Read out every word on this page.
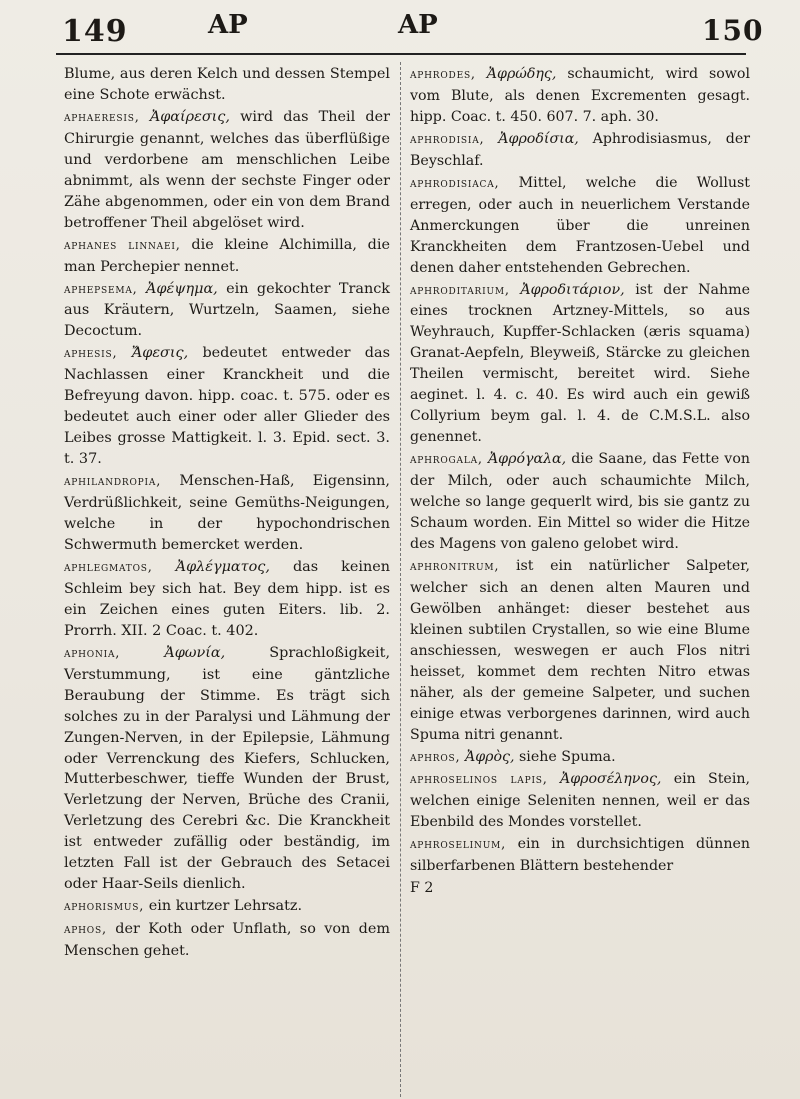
149	AP	AP	150

Blume, aus deren Kelch und dessen Stempel eine Schote erwächst.

aphaeresis, Ἀφαίρεσις, wird das Theil der Chirurgie genannt, welches das überflüßige und verdorbene am menschlichen Leibe abnimmt, als wenn der sechste Finger oder Zähe abgenommen, oder ein von dem Brand betroffener Theil abgelöset wird.

aphanes linnaei, die kleine Alchimilla, die man Perchepier nennet.

aphepsema, Ἀφέψημα, ein gekochter Tranck aus Kräutern, Wurtzeln, Saamen, siehe Decoctum.

aphesis, Ἄφεσις, bedeutet entweder das Nachlassen einer Kranckheit und die Befreyung davon. hipp. coac. t. 575. oder es bedeutet auch einer oder aller Glieder des Leibes grosse Mattigkeit. l. 3. Epid. sect. 3. t. 37.

aphilandropia, Menschen-Haß, Eigensinn, Verdrüßlichkeit, seine Gemüths-Neigungen, welche in der hypochondrischen Schwermuth bemercket werden.

aphlegmatos, Ἀφλέγματος, das keinen Schleim bey sich hat. Bey dem hipp. ist es ein Zeichen eines guten Eiters. lib. 2. Prorrh. XII. 2 Coac. t. 402.

aphonia,	Ἀφωνία,	Sprachloßigkeit, Verstummung, ist eine gäntzliche Beraubung der Stimme. Es trägt sich solches zu in der Paralysi und Lähmung der Zungen-Nerven, in der Epilepsie, Lähmung oder Verrenckung des Kiefers, Schlucken, Mutterbeschwer, tieffe Wunden der Brust, Verletzung der Nerven, Brüche des Cranii, Verletzung des Cerebri &c. Die Kranckheit ist entweder zufällig oder beständig, im letzten Fall ist der Gebrauch des Setacei oder Haar-Seils dienlich.

aphorismus, ein kurtzer Lehrsatz.

aphos, der Koth oder Unflath, so von dem Menschen gehet.

aphrodes, Ἀφρώδης, schaumicht, wird sowol vom Blute, als denen Excrementen gesagt. hipp. Coac. t. 450. 607. 7. aph. 30.

aphrodisia, Ἀφροδίσια, Aphrodisiasmus, der Beyschlaf.

aphrodisiaca, Mittel, welche die Wollust erregen, oder auch in neuerlichem Verstande Anmerckungen über die unreinen Kranckheiten dem Frantzosen-Uebel und denen daher entstehenden Gebrechen.

aphroditarium, Ἀφροδιτάριον, ist der Nahme eines trocknen Artzney-Mittels, so aus Weyhrauch, Kupffer-Schlacken (æris squama) Granat-Aepfeln, Bleyweiß, Stärcke zu gleichen Theilen vermischt, bereitet wird. Siehe aeginet. l. 4. c. 40. Es wird auch ein gewiß Collyrium beym gal. l. 4. de C.M.S.L. also genennet.

aphrogala, Ἀφρόγαλα, die Saane, das Fette von der Milch, oder auch schaumichte Milch, welche so lange gequerlt wird, bis sie gantz zu Schaum worden. Ein Mittel so wider die Hitze des Magens von galeno gelobet wird.

aphronitrum, ist ein natürlicher Salpeter, welcher sich an denen alten Mauren und Gewölben anhänget: dieser bestehet aus kleinen subtilen Crystallen, so wie eine Blume anschiessen, weswegen er auch Flos nitri heisset, kommet dem rechten Nitro etwas näher, als der gemeine Salpeter, und suchen einige etwas verborgenes darinnen, wird auch Spuma nitri genannt.

aphros, Ἀφρὸς, siehe Spuma.

aphroselinos lapis, Ἀφροσέληνος, ein Stein, welchen einige Seleniten nennen, weil er das Ebenbild des Mondes vorstellet.

aphroselinum, ein in durchsichtigen dünnen silberfarbenen Blättern bestehender

F 2
